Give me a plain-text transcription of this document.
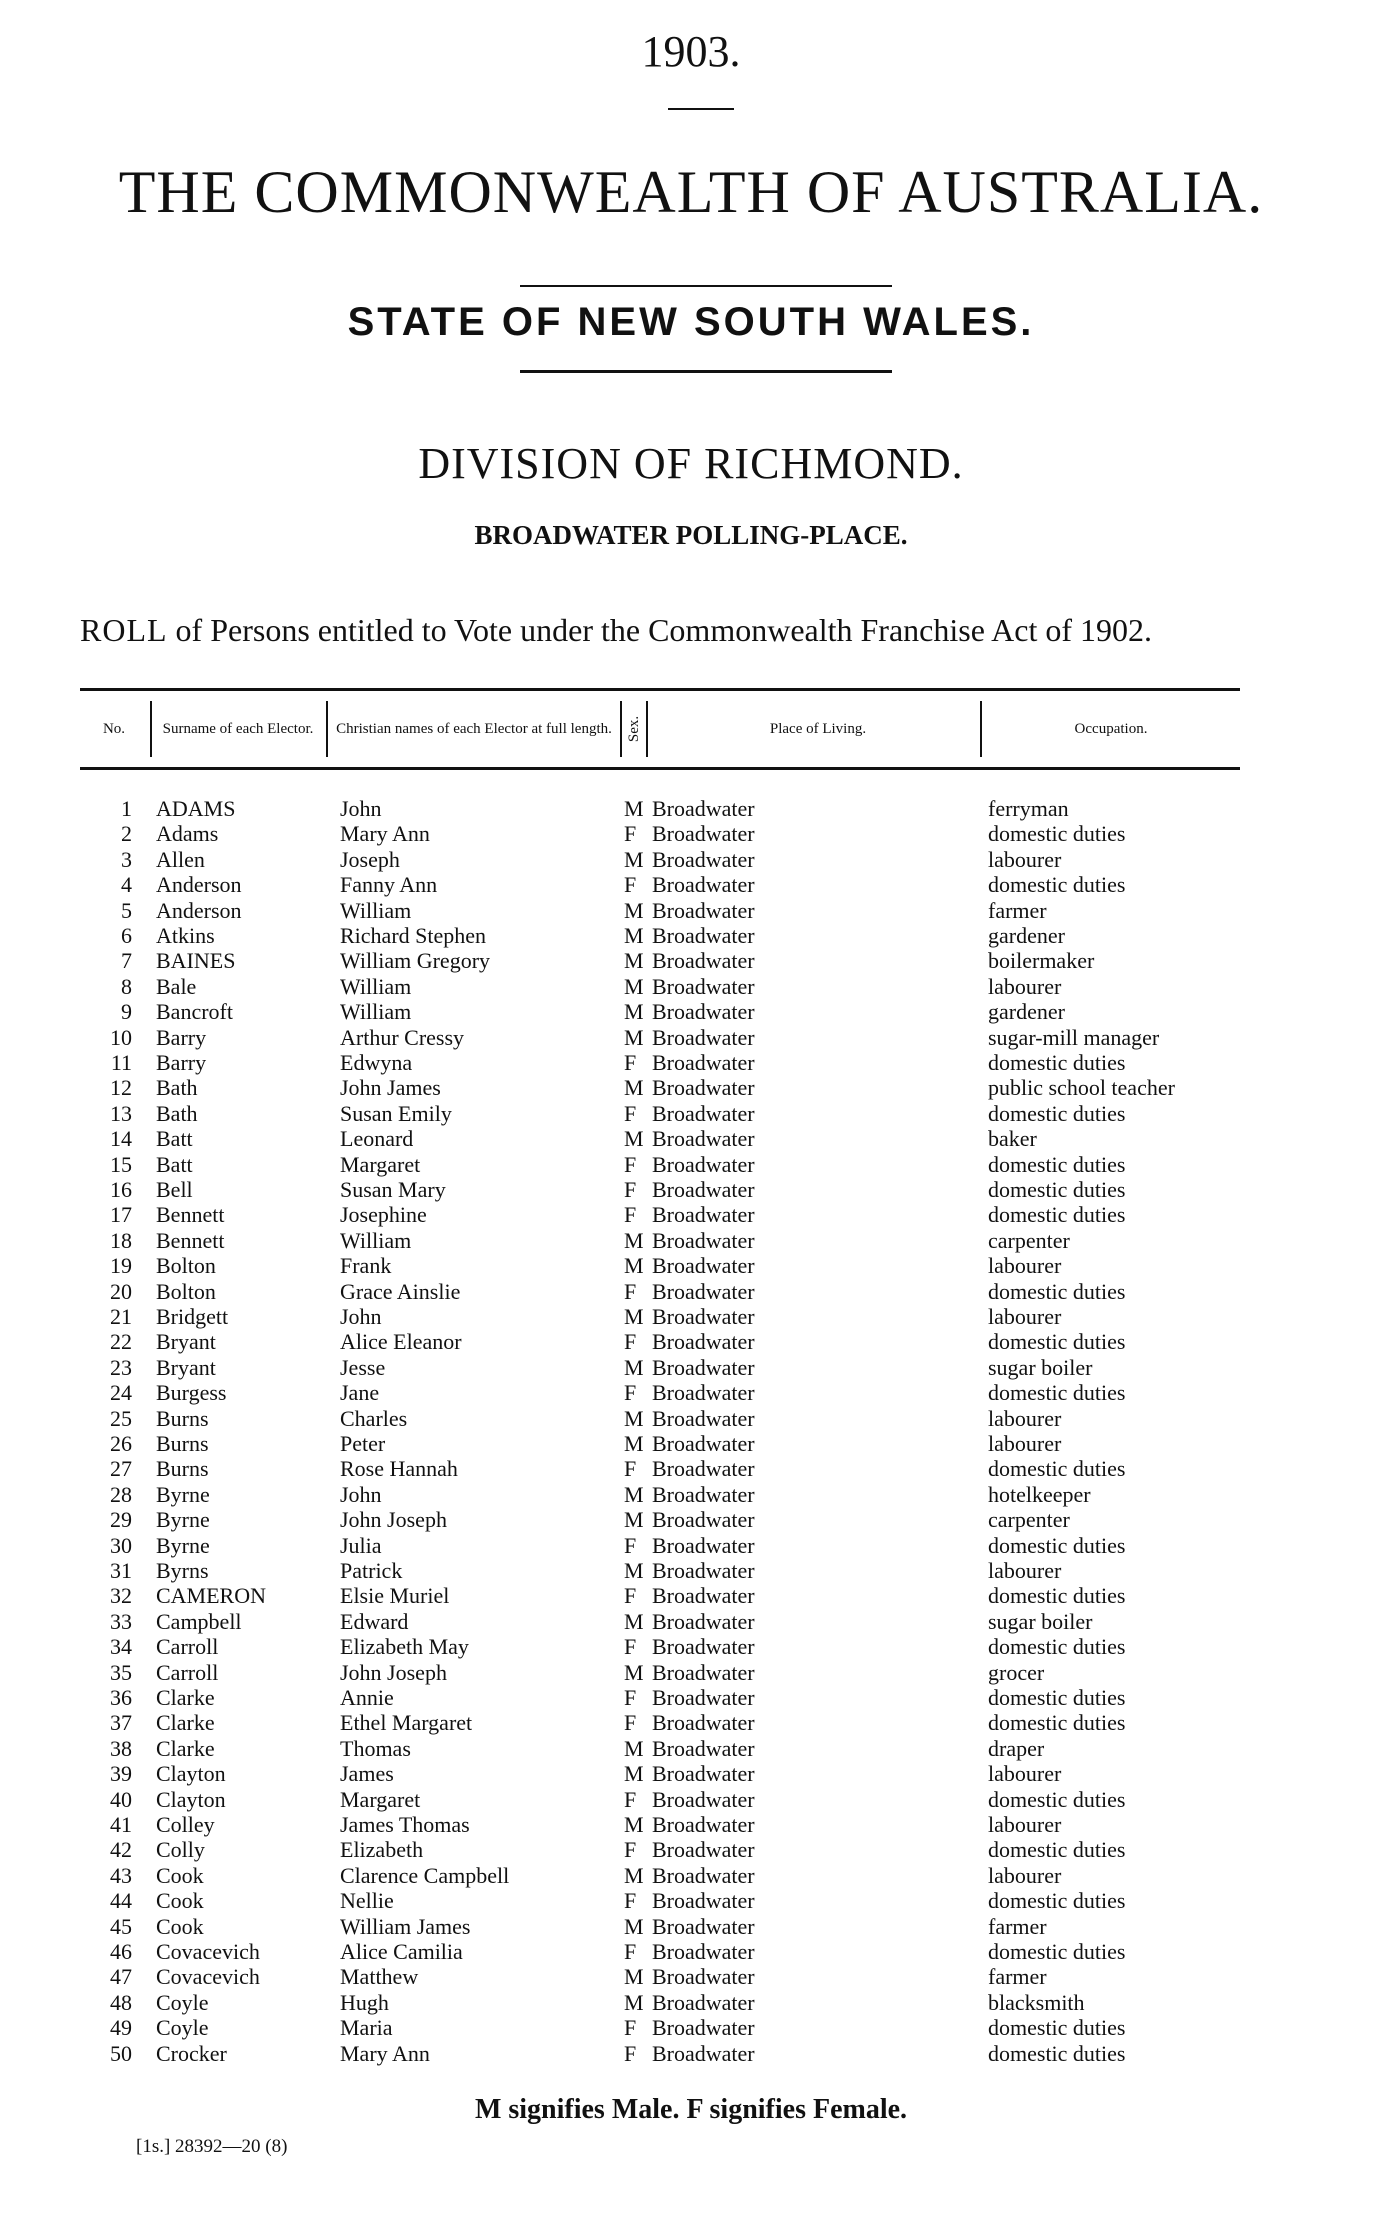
1903.
THE COMMONWEALTH OF AUSTRALIA.
STATE OF NEW SOUTH WALES.
DIVISION OF RICHMOND.
BROADWATER POLLING-PLACE.
ROLL of Persons entitled to Vote under the Commonwealth Franchise Act of 1902.
No.	Surname of each Elector.	Christian names of each Elector at full length. Sex.	Place of Living.	Occupation.
1 ADAMS	John	M Broadwater	ferryman
2 Adams	Mary Ann	F Broadwater	domestic duties
3 Allen	Joseph	M Broadwater	labourer
4 Anderson	Fanny Ann	F Broadwater	domestic duties
5 Anderson	William	M Broadwater	farmer
6 Atkins	Richard Stephen	M Broadwater	gardener
7 BAINES	William Gregory	M Broadwater	boilermaker
8 Bale	William	M Broadwater	labourer
9 Bancroft	William	M Broadwater	gardener
10 Barry	Arthur Cressy	M Broadwater	sugar-mill manager
11 Barry	Edwyna	F Broadwater	domestic duties
12 Bath	John James	M Broadwater	public school teacher
13 Bath	Susan Emily	F Broadwater	domestic duties
14 Batt	Leonard	M Broadwater	baker
15 Batt	Margaret	F Broadwater	domestic duties
16 Bell	Susan Mary	F Broadwater	domestic duties
17 Bennett	Josephine	F Broadwater	domestic duties
18 Bennett	William	M Broadwater	carpenter
19 Bolton	Frank	M Broadwater	labourer
20 Bolton	Grace Ainslie	F Broadwater	domestic duties
21 Bridgett	John	M Broadwater	labourer
22 Bryant	Alice Eleanor	F Broadwater	domestic duties
23 Bryant	Jesse	M Broadwater	sugar boiler
24 Burgess	Jane	F Broadwater	domestic duties
25 Burns	Charles	M Broadwater	labourer
26 Burns	Peter	M Broadwater	labourer
27 Burns	Rose Hannah	F Broadwater	domestic duties
28 Byrne	John	M Broadwater	hotelkeeper
29 Byrne	John Joseph	M Broadwater	carpenter
30 Byrne	Julia	F Broadwater	domestic duties
31 Byrns	Patrick	M Broadwater	labourer
32 CAMERON	Elsie Muriel	F Broadwater	domestic duties
33 Campbell	Edward	M Broadwater	sugar boiler
34 Carroll	Elizabeth May	F Broadwater	domestic duties
35 Carroll	John Joseph	M Broadwater	grocer
36 Clarke	Annie	F Broadwater	domestic duties
37 Clarke	Ethel Margaret	F Broadwater	domestic duties
38 Clarke	Thomas	M Broadwater	draper
39 Clayton	James	M Broadwater	labourer
40 Clayton	Margaret	F Broadwater	domestic duties
41 Colley	James Thomas	M Broadwater	labourer
42 Colly	Elizabeth	F Broadwater	domestic duties
43 Cook	Clarence Campbell	M Broadwater	labourer
44 Cook	Nellie	F Broadwater	domestic duties
45 Cook	William James	M Broadwater	farmer
46 Covacevich	Alice Camilia	F Broadwater	domestic duties
47 Covacevich	Matthew	M Broadwater	farmer
48 Coyle	Hugh	M Broadwater	blacksmith
49 Coyle	Maria	F Broadwater	domestic duties
50 Crocker	Mary Ann	F Broadwater	domestic duties
M signifies Male. F signifies Female.
[1s.] 28392—20 (8)
